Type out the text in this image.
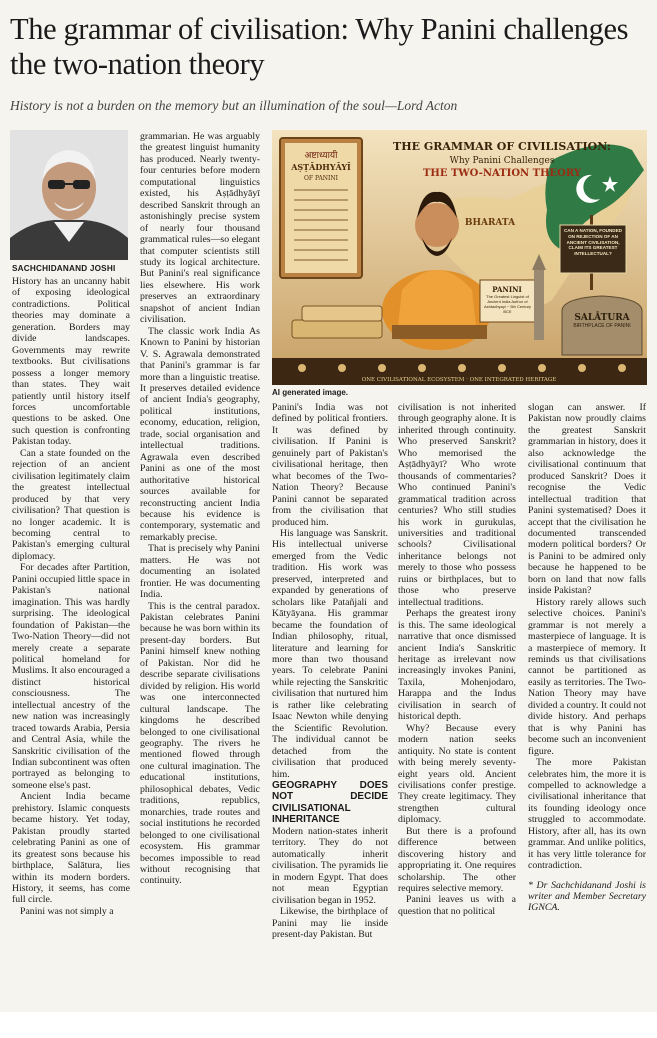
The grammar of civilisation: Why Panini challenges the two-nation theory
History is not a burden on the memory but an illumination of the soul—Lord Acton
SACHCHIDANAND JOSHI

History has an uncanny habit of exposing ideological contradictions. Political theories may dominate a generation. Borders may divide landscapes. Governments may rewrite textbooks. But civilisations possess a longer memory than states. They wait patiently until history itself forces uncomfortable questions to be asked. One such question is confronting Pakistan today.

Can a state founded on the rejection of an ancient civilisation legitimately claim the greatest intellectual produced by that very civilisation? That question is no longer academic. It is becoming central to Pakistan's emerging cultural diplomacy.

For decades after Partition, Panini occupied little space in Pakistan's national imagination. This was hardly surprising. The ideological foundation of Pakistan—the Two-Nation Theory—did not merely create a separate political homeland for Muslims. It also encouraged a distinct historical consciousness. The intellectual ancestry of the new nation was increasingly traced towards Arabia, Persia and Central Asia, while the Sanskritic civilisation of the Indian subcontinent was often portrayed as belonging to someone else's past.

Ancient India became prehistory. Islamic conquests became history. Yet today, Pakistan proudly started celebrating Panini as one of its greatest sons because his birthplace, Salātura, lies within its modern borders. History, it seems, has come full circle.

Panini was not simply a

grammarian. He was arguably the greatest linguist humanity has produced. Nearly twenty-four centuries before modern computational linguistics existed, his Aṣṭādhyāyī described Sanskrit through an astonishingly precise system of nearly four thousand grammatical rules—so elegant that computer scientists still study its logical architecture. But Panini's real significance lies elsewhere. His work preserves an extraordinary snapshot of ancient Indian civilisation.

The classic work India As Known to Panini by historian V. S. Agrawala demonstrated that Panini's grammar is far more than a linguistic treatise. It preserves detailed evidence of ancient India's geography, political institutions, economy, education, religion, trade, social organisation and intellectual traditions. Agrawala even described Panini as one of the most authoritative historical sources available for reconstructing ancient India because his evidence is contemporary, systematic and remarkably precise.

That is precisely why Panini matters. He was not documenting an isolated frontier. He was documenting India.

This is the central paradox. Pakistan celebrates Panini because he was born within its present-day borders. But Panini himself knew nothing of Pakistan. Nor did he describe separate civilisations divided by religion. His world was one interconnected cultural landscape. The kingdoms he described belonged to one civilisational geography. The rivers he mentioned flowed through one cultural imagination. The educational institutions, philosophical debates, Vedic traditions, republics, monarchies, trade routes and social institutions he recorded belonged to one civilisational ecosystem. His grammar becomes impossible to read without recognising that continuity.

अष्टाध्यायी
AṢṬĀDHYĀYĪ
OF PANINI
THE GRAMMAR OF CIVILISATION:
Why Panini Challenges
THE TWO-NATION THEORY
BHARATA
PANINI
The Greatest Linguist of Ancient India Author of Ashtadhyayi ~ 5th Century BCE
CAN A NATION, FOUNDED ON REJECTION OF AN ANCIENT CIVILISATION, CLAIM ITS GREATEST INTELLECTUAL?
SALĀTURA
BIRTHPLACE OF PANINI
ONE CIVILISATIONAL ECOSYSTEM · ONE INTEGRATED HERITAGE
AI generated image.

Panini's India was not defined by political frontiers. It was defined by civilisation. If Panini is genuinely part of Pakistan's civilisational heritage, then what becomes of the Two-Nation Theory? Because Panini cannot be separated from the civilisation that produced him.

His language was Sanskrit. His intellectual universe emerged from the Vedic tradition. His work was preserved, interpreted and expanded by generations of scholars like Patañjali and Kātyāyana. His grammar became the foundation of Indian philosophy, ritual, literature and learning for more than two thousand years. To celebrate Panini while rejecting the Sanskritic civilisation that nurtured him is rather like celebrating Isaac Newton while denying the Scientific Revolution. The individual cannot be detached from the civilisation that produced him.

GEOGRAPHY DOES NOT DECIDE CIVILISATIONAL INHERITANCE

Modern nation-states inherit territory. They do not automatically inherit civilisation. The pyramids lie in modern Egypt. That does not mean Egyptian civilisation began in 1952.

Likewise, the birthplace of Panini may lie inside present-day Pakistan. But

civilisation is not inherited through geography alone. It is inherited through continuity. Who preserved Sanskrit? Who memorised the Aṣṭādhyāyī? Who wrote thousands of commentaries? Who continued Panini's grammatical tradition across centuries? Who still studies his work in gurukulas, universities and traditional schools? Civilisational inheritance belongs not merely to those who possess ruins or birthplaces, but to those who preserve intellectual traditions.

Perhaps the greatest irony is this. The same ideological narrative that once dismissed ancient India's Sanskritic heritage as irrelevant now increasingly invokes Panini, Taxila, Mohenjodaro, Harappa and the Indus civilisation in search of historical depth.

Why? Because every modern nation seeks antiquity. No state is content with being merely seventy-eight years old. Ancient civilisations confer prestige. They create legitimacy. They strengthen cultural diplomacy.

But there is a profound difference between discovering history and appropriating it. One requires scholarship. The other requires selective memory.

Panini leaves us with a question that no political

slogan can answer. If Pakistan now proudly claims the greatest Sanskrit grammarian in history, does it also acknowledge the civilisational continuum that produced Sanskrit? Does it recognise the Vedic intellectual tradition that Panini systematised? Does it accept that the civilisation he documented transcended modern political borders? Or is Panini to be admired only because he happened to be born on land that now falls inside Pakistan?

History rarely allows such selective choices. Panini's grammar is not merely a masterpiece of language. It is a masterpiece of memory. It reminds us that civilisations cannot be partitioned as easily as territories. The Two-Nation Theory may have divided a country. It could not divide history. And perhaps that is why Panini has become such an inconvenient figure.

The more Pakistan celebrates him, the more it is compelled to acknowledge a civilisational inheritance that its founding ideology once struggled to accommodate. History, after all, has its own grammar. And unlike politics, it has very little tolerance for contradiction.

* Dr Sachchidanand Joshi is writer and Member Secretary IGNCA.
